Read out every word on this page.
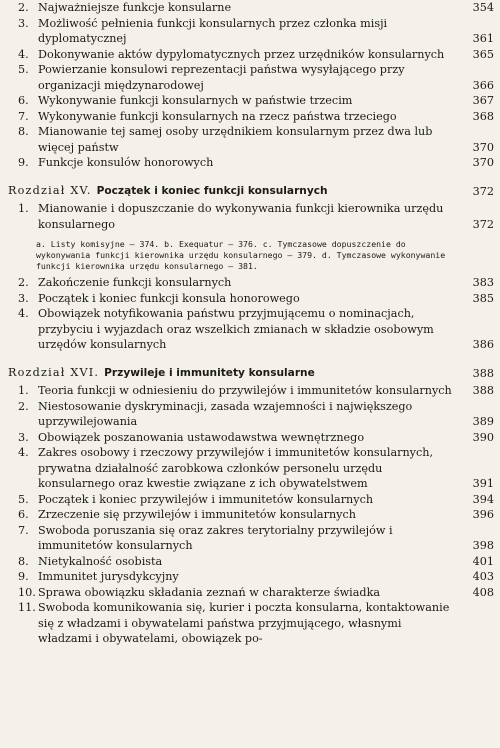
2. Najważniejsze funkcje konsularne	354
3. Możliwość pełnienia funkcji konsularnych przez członka misji dyplomatycznej	361
4. Dokonywanie aktów dypylomatycznych przez urzędników konsularnych	365
5. Powierzanie konsulowi reprezentacji państwa wysyłającego przy organizacji międzynarodowej	366
6. Wykonywanie funkcji konsularnych w państwie trzecim	367
7. Wykonywanie funkcji konsularnych na rzecz państwa trzeciego	368
8. Mianowanie tej samej osoby urzędnikiem konsularnym przez dwa lub więcej państw	370
9. Funkcje konsulów honorowych	370
Rozdział XV. Początek i koniec funkcji konsularnych	372
1. Mianowanie i dopuszczanie do wykonywania funkcji kierownika urzędu konsularnego	372

a. Listy komisyjne — 374. b. Exequatur — 376. c. Tymczasowe dopuszczenie do wykonywania funkcji kierownika urzędu konsularnego — 379. d. Tymczasowe wykonywanie funkcji kierownika urzędu konsularnego — 381.

2. Zakończenie funkcji konsularnych	383
3. Początek i koniec funkcji konsula honorowego	385
4. Obowiązek notyfikowania państwu przyjmującemu o nominacjach, przybyciu i wyjazdach oraz wszelkich zmianach w składzie osobowym urzędów konsularnych	386
Rozdział XVI. Przywileje i immunitety konsularne	388
1. Teoria funkcji w odniesieniu do przywilejów i immunitetów konsularnych	388
2. Niestosowanie dyskryminacji, zasada wzajemności i największego uprzywilejowania	389
3. Obowiązek poszanowania ustawodawstwa wewnętrznego	390
4. Zakres osobowy i rzeczowy przywilejów i immunitetów konsularnych, prywatna działalność zarobkowa członków personelu urzędu konsularnego oraz kwestie związane z ich obywatelstwem	391
5. Początek i koniec przywilejów i immunitetów konsularnych	394
6. Zrzeczenie się przywilejów i immunitetów konsularnych	396
7. Swoboda poruszania się oraz zakres terytorialny przywilejów i immunitetów konsularnych	398
8. Nietykalność osobista	401
9. Immunitet jurysdykcyjny	403
10. Sprawa obowiązku składania zeznań w charakterze świadka	408
11. Swoboda komunikowania się, kurier i poczta konsularna, kontaktowanie się z władzami i obywatelami państwa przyjmującego, własnymi władzami i obywatelami, obowiązek po-
